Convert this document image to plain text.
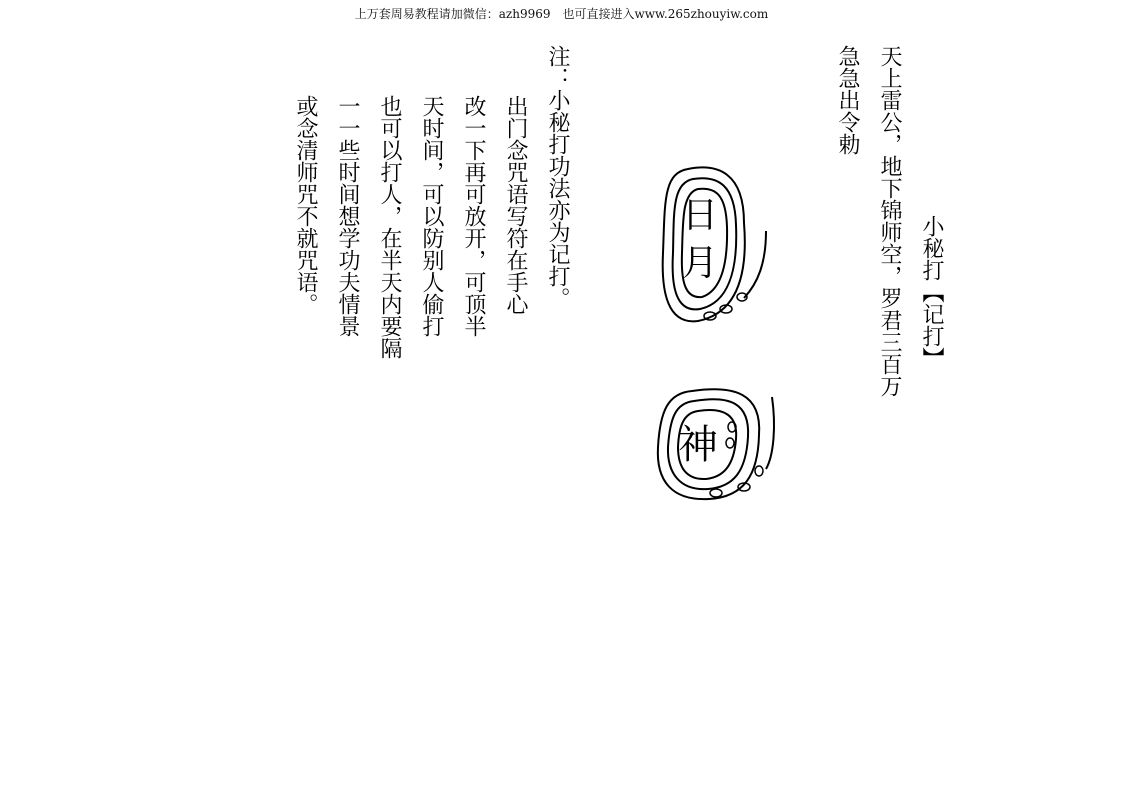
上万套周易教程请加微信：azh9969　也可直接进入www.265zhouyiw.com
小秘打【记打】
天上雷公，地下锦师空，罗君三百万
急急出令勅
日
月
神
注：小秘打功法亦为记打。
出门念咒语写符在手心
改一下再可放开，可顶半
天时间，可以防别人偷打
也可以打人，在半天内要隔
一一些时间想学功夫情景
或念清师咒不就咒语。
